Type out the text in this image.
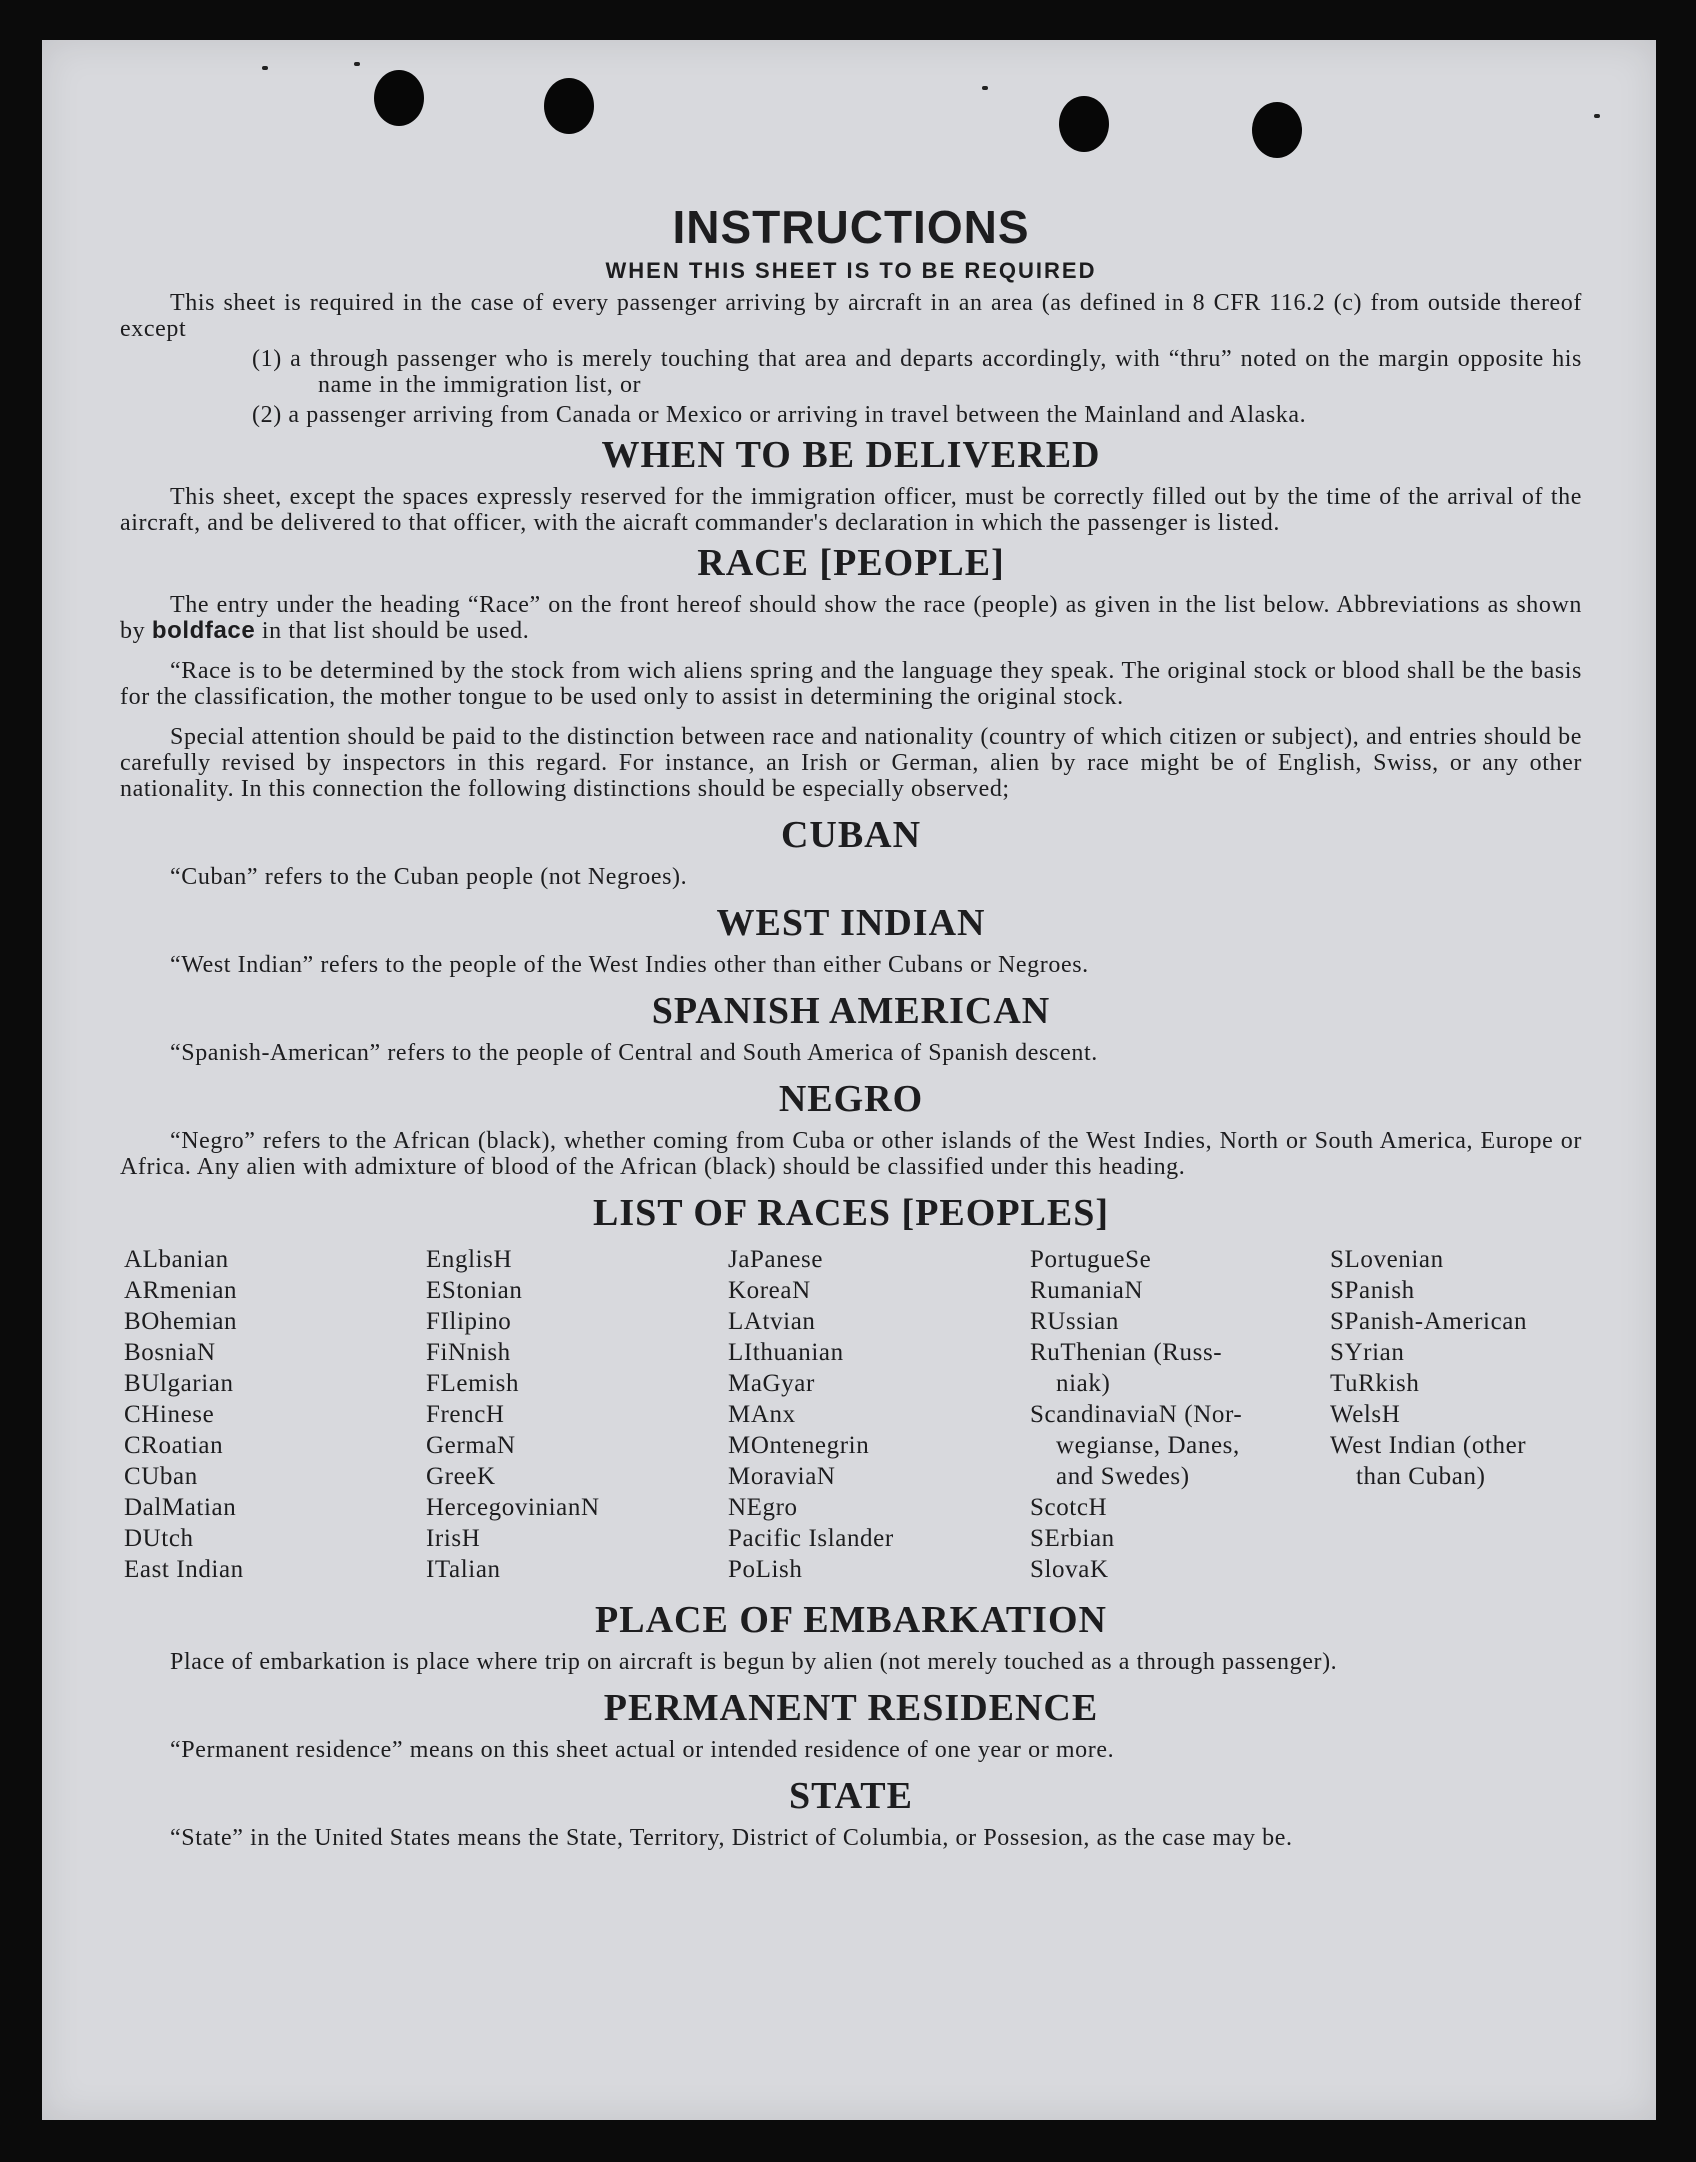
INSTRUCTIONS
WHEN THIS SHEET IS TO BE REQUIRED

This sheet is required in the case of every passenger arriving by aircraft in an area (as defined in 8 CFR 116.2 (c) from outside thereof except

(1) a through passenger who is merely touching that area and departs accordingly, with “thru” noted on the margin opposite his name in the immigration list, or

(2) a passenger arriving from Canada or Mexico or arriving in travel between the Mainland and Alaska.

WHEN TO BE DELIVERED

This sheet, except the spaces expressly reserved for the immigration officer, must be correctly filled out by the time of the arrival of the aircraft, and be delivered to that officer, with the aicraft commander's declaration in which the passenger is listed.

RACE [PEOPLE]

The entry under the heading “Race” on the front hereof should show the race (people) as given in the list below. Abbreviations as shown by boldface in that list should be used.

“Race is to be determined by the stock from wich aliens spring and the language they speak. The original stock or blood shall be the basis for the classification, the mother tongue to be used only to assist in determining the original stock.

Special attention should be paid to the distinction between race and nationality (country of which citizen or subject), and entries should be carefully revised by inspectors in this regard. For instance, an Irish or German, alien by race might be of English, Swiss, or any other nationality. In this connection the following distinctions should be especially observed;

CUBAN

“Cuban” refers to the Cuban people (not Negroes).

WEST INDIAN

“West Indian” refers to the people of the West Indies other than either Cubans or Negroes.

SPANISH AMERICAN

“Spanish-American” refers to the people of Central and South America of Spanish descent.

NEGRO

“Negro” refers to the African (black), whether coming from Cuba or other islands of the West Indies, North or South America, Europe or Africa. Any alien with admixture of blood of the African (black) should be classified under this heading.

LIST OF RACES [PEOPLES]
ALbanian
ARmenian
BOhemian
BosniaN
BUlgarian
CHinese
CRoatian
CUban
DalMatian
DUtch
East Indian
EnglisH
EStonian
FIlipino
FiNnish
FLemish
FrencH
GermaN
GreeK
HercegovinianN
IrisH
ITalian
JaPanese
KoreaN
LAtvian
LIthuanian
MaGyar
MAnx
MOntenegrin
MoraviaN
NEgro
Pacific Islander
PoLish
PortugueSe
RumaniaN
RUssian
RuThenian (Russ-
niak)
ScandinaviaN (Nor-
wegianse, Danes,
and Swedes)
ScotcH
SErbian
SlovaK
SLovenian
SPanish
SPanish-American
SYrian
TuRkish
WelsH
West Indian (other
than Cuban)
PLACE OF EMBARKATION

Place of embarkation is place where trip on aircraft is begun by alien (not merely touched as a through passenger).

PERMANENT RESIDENCE

“Permanent residence” means on this sheet actual or intended residence of one year or more.

STATE

“State” in the United States means the State, Territory, District of Columbia, or Possesion, as the case may be.
